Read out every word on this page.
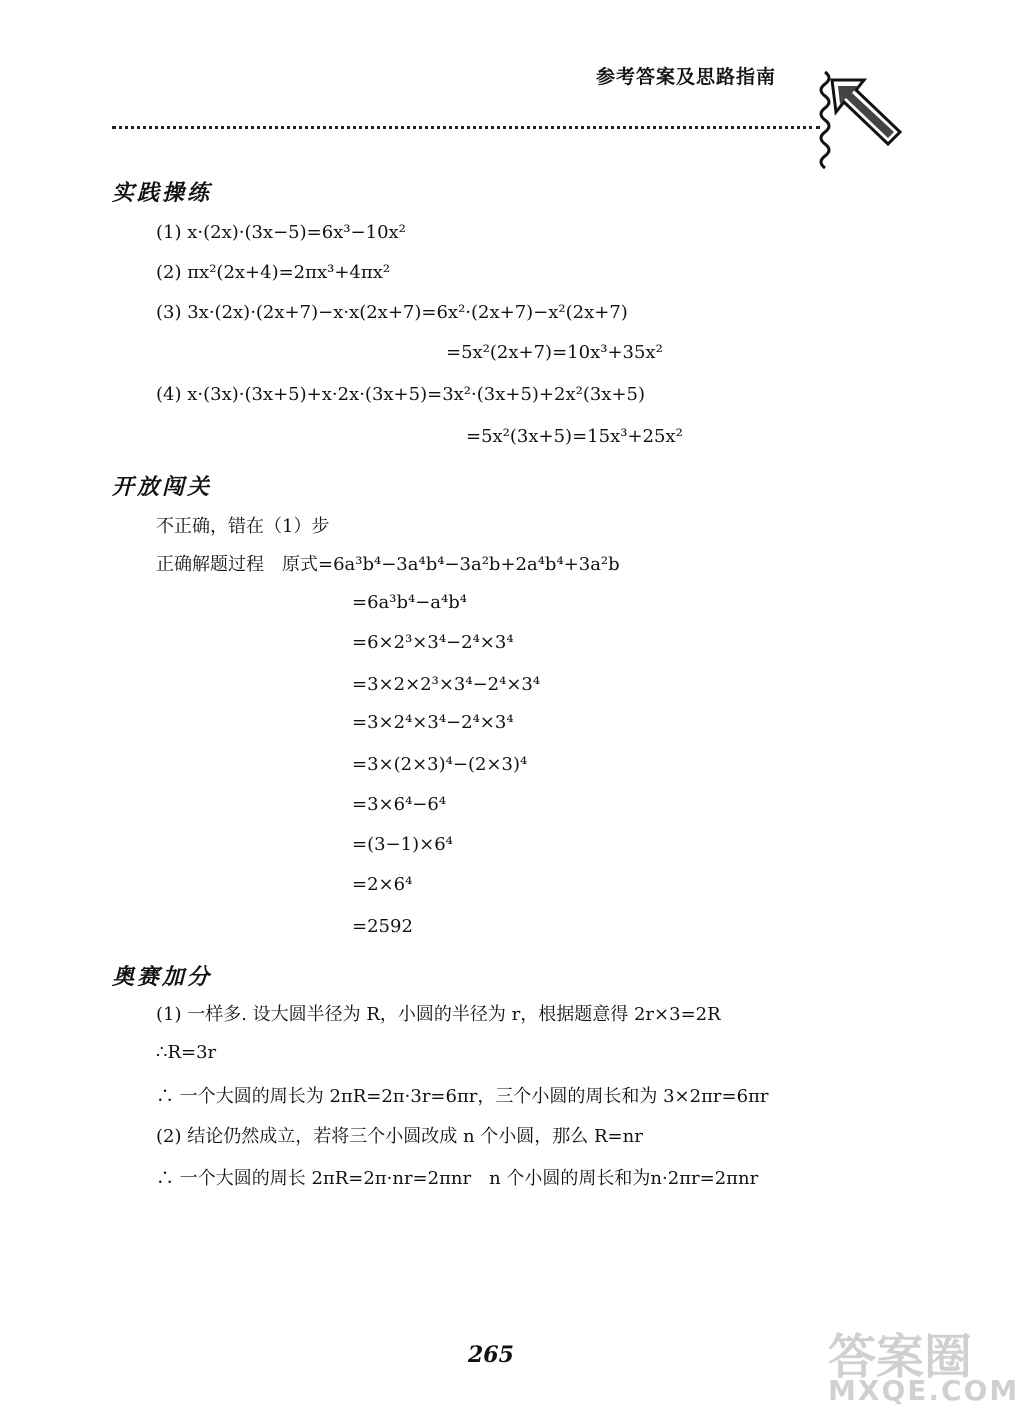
参考答案及思路指南
实践操练
(1) x·(2x)·(3x−5)=6x³−10x²
(2) πx²(2x+4)=2πx³+4πx²
(3) 3x·(2x)·(2x+7)−x·x(2x+7)=6x²·(2x+7)−x²(2x+7)
=5x²(2x+7)=10x³+35x²
(4) x·(3x)·(3x+5)+x·2x·(3x+5)=3x²·(3x+5)+2x²(3x+5)
=5x²(3x+5)=15x³+25x²
开放闯关
不正确，错在（1）步
正确解题过程　原式=6a³b⁴−3a⁴b⁴−3a²b+2a⁴b⁴+3a²b
=6a³b⁴−a⁴b⁴
=6×2³×3⁴−2⁴×3⁴
=3×2×2³×3⁴−2⁴×3⁴
=3×2⁴×3⁴−2⁴×3⁴
=3×(2×3)⁴−(2×3)⁴
=3×6⁴−6⁴
=(3−1)×6⁴
=2×6⁴
=2592
奥赛加分
(1) 一样多. 设大圆半径为 R，小圆的半径为 r，根据题意得 2r×3=2R
∴R=3r
∴ 一个大圆的周长为 2πR=2π·3r=6πr，三个小圆的周长和为 3×2πr=6πr
(2) 结论仍然成立，若将三个小圆改成 n 个小圆，那么 R=nr
∴ 一个大圆的周长 2πR=2π·nr=2πnr　n 个小圆的周长和为n·2πr=2πnr
265	答案圈
MXQE.COM
